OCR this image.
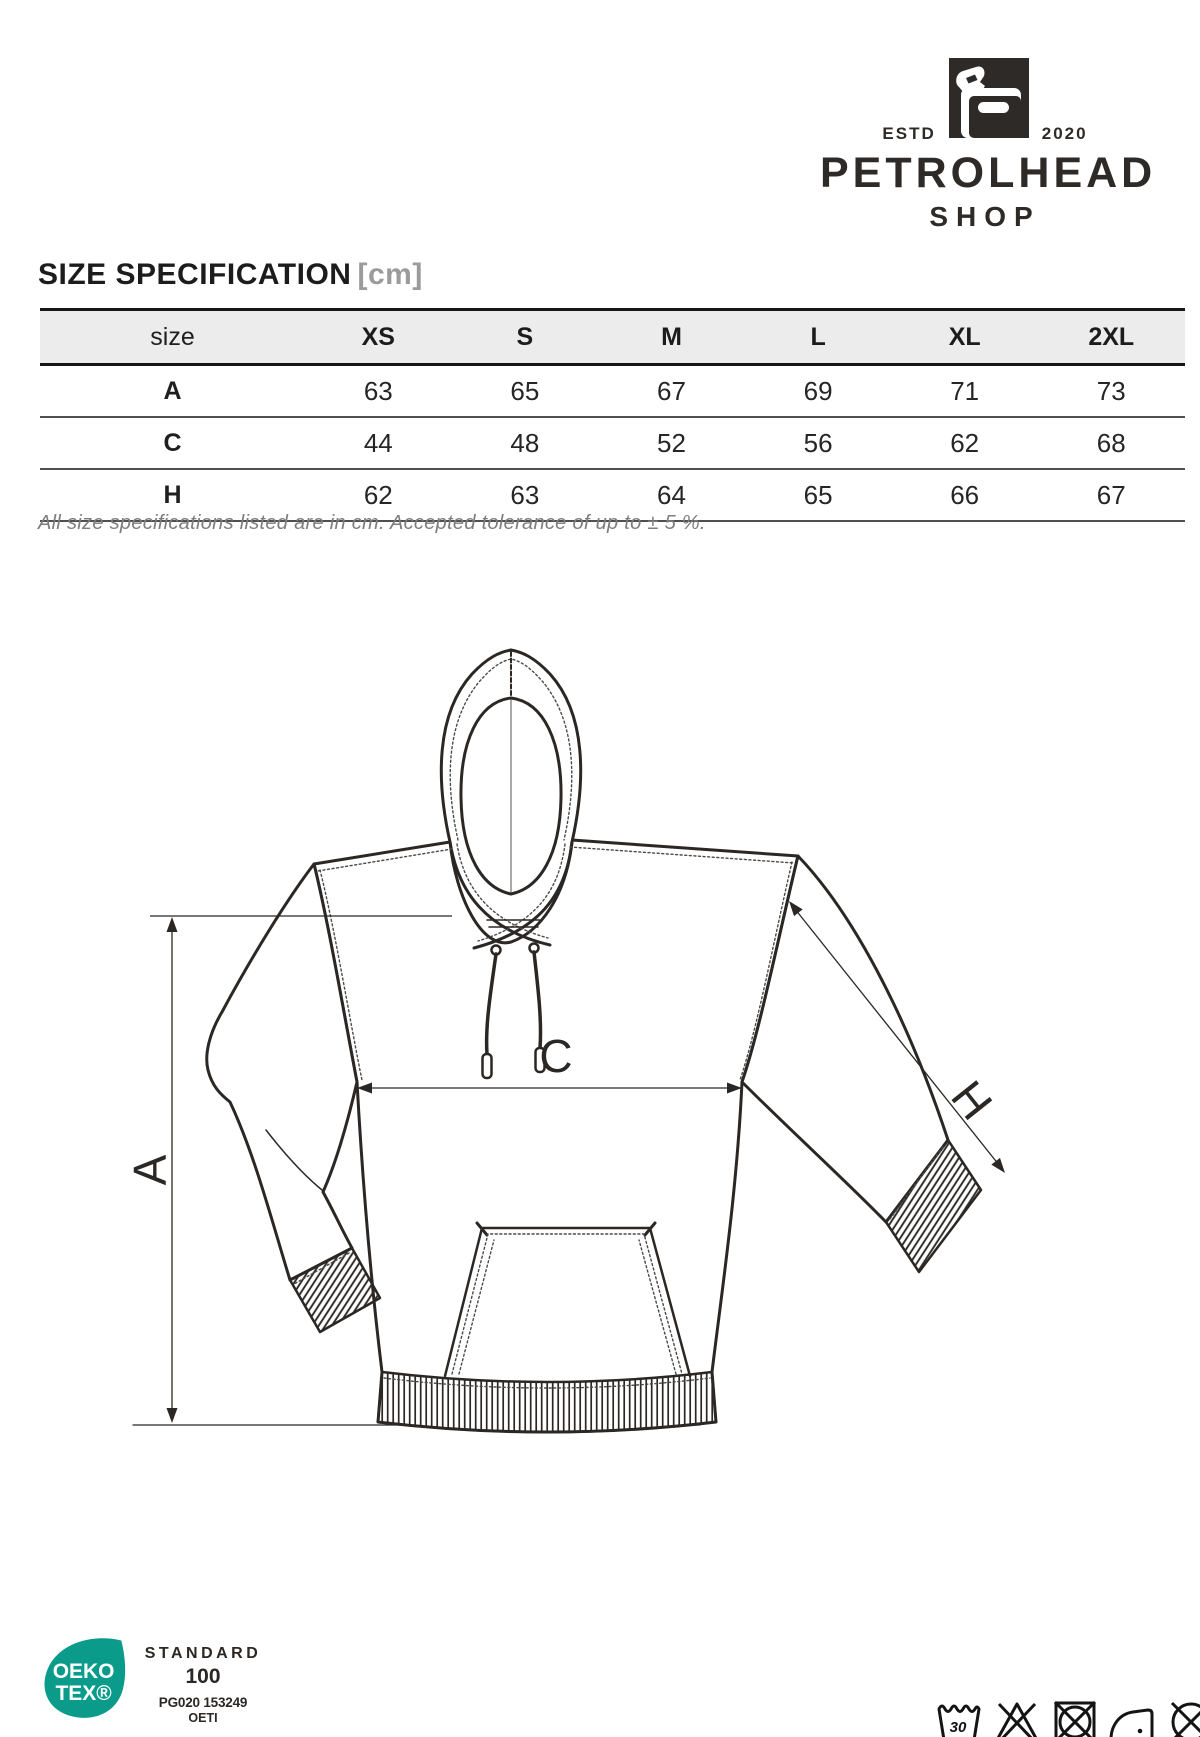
ESTD	2020
PETROLHEAD
SHOP
SIZE SPECIFICATION [cm]
size	XS	S	M	L	XL	2XL
A	63	65	67	69	71	73
C	44	48	52	56	62	68
H	62	63	64	65	66	67
All size specifications listed are in cm. Accepted tolerance of up to ± 5 %.
A
C
H
OEKO
TEX®
STANDARD
100
PG020 153249
OETI
30
